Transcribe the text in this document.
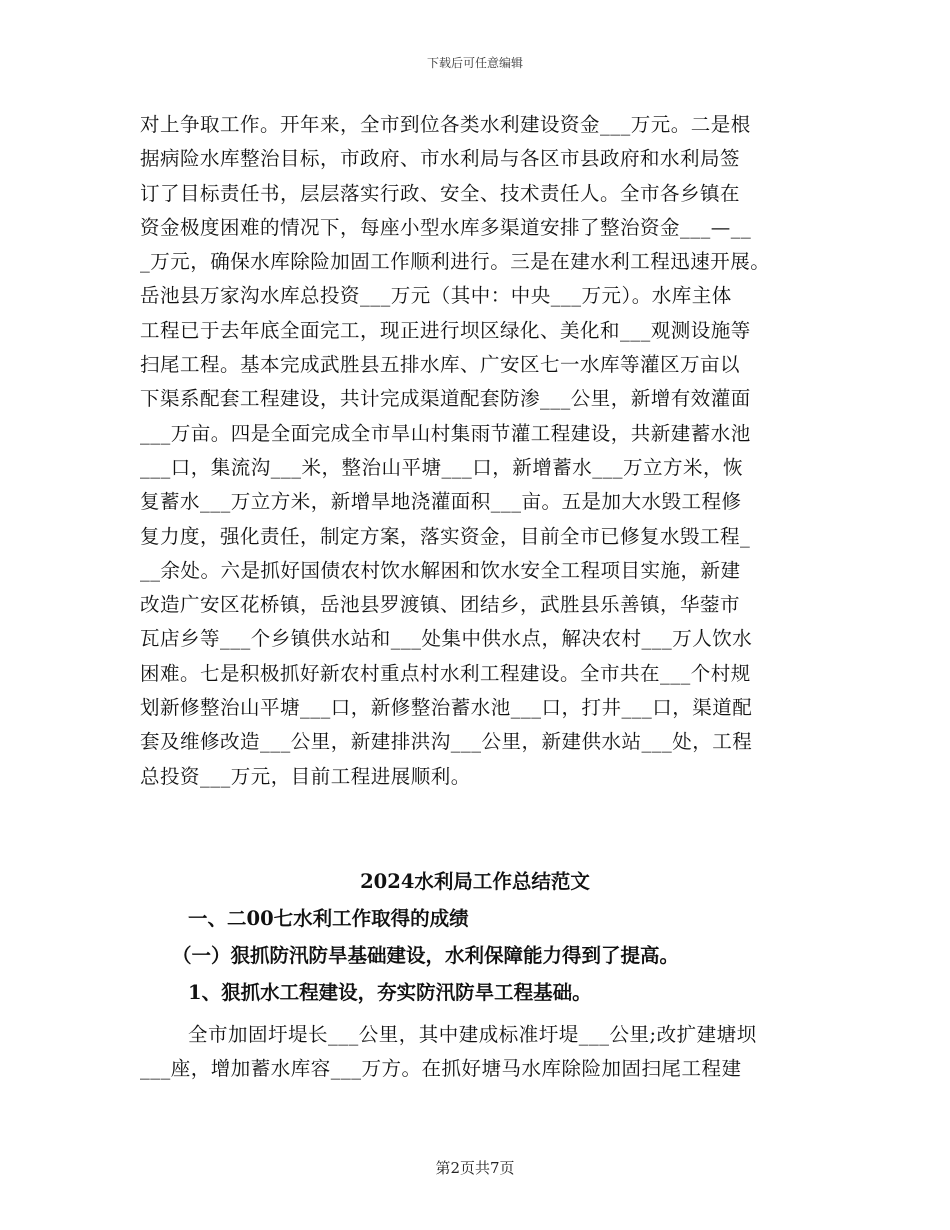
下载后可任意编辑
对上争取工作。开年来，全市到位各类水利建设资金___万元。二是根
据病险水库整治目标，市政府、市水利局与各区市县政府和水利局签
订了目标责任书，层层落实行政、安全、技术责任人。全市各乡镇在
资金极度困难的情况下，每座小型水库多渠道安排了整治资金___—__
_万元，确保水库除险加固工作顺利进行。三是在建水利工程迅速开展。
岳池县万家沟水库总投资___万元（其中：中央___万元）。水库主体
工程已于去年底全面完工，现正进行坝区绿化、美化和___观测设施等
扫尾工程。基本完成武胜县五排水库、广安区七一水库等灌区万亩以
下渠系配套工程建设，共计完成渠道配套防渗___公里，新增有效灌面
___万亩。四是全面完成全市旱山村集雨节灌工程建设，共新建蓄水池
___口，集流沟___米，整治山平塘___口，新增蓄水___万立方米，恢
复蓄水___万立方米，新增旱地浇灌面积___亩。五是加大水毁工程修
复力度，强化责任，制定方案，落实资金，目前全市已修复水毁工程_
__余处。六是抓好国债农村饮水解困和饮水安全工程项目实施，新建
改造广安区花桥镇，岳池县罗渡镇、团结乡，武胜县乐善镇，华蓥市
瓦店乡等___个乡镇供水站和___处集中供水点，解决农村___万人饮水
困难。七是积极抓好新农村重点村水利工程建设。全市共在___个村规
划新修整治山平塘___口，新修整治蓄水池___口，打井___口，渠道配
套及维修改造___公里，新建排洪沟___公里，新建供水站___处，工程
总投资___万元，目前工程进展顺利。
2024水利局工作总结范文
一、二00七水利工作取得的成绩
（一）狠抓防汛防旱基础建设，水利保障能力得到了提高。
1、狠抓水工程建设，夯实防汛防旱工程基础。
全市加固圩堤长___公里，其中建成标准圩堤___公里;改扩建塘坝
___座，增加蓄水库容___万方。在抓好塘马水库除险加固扫尾工程建
第2页共7页
